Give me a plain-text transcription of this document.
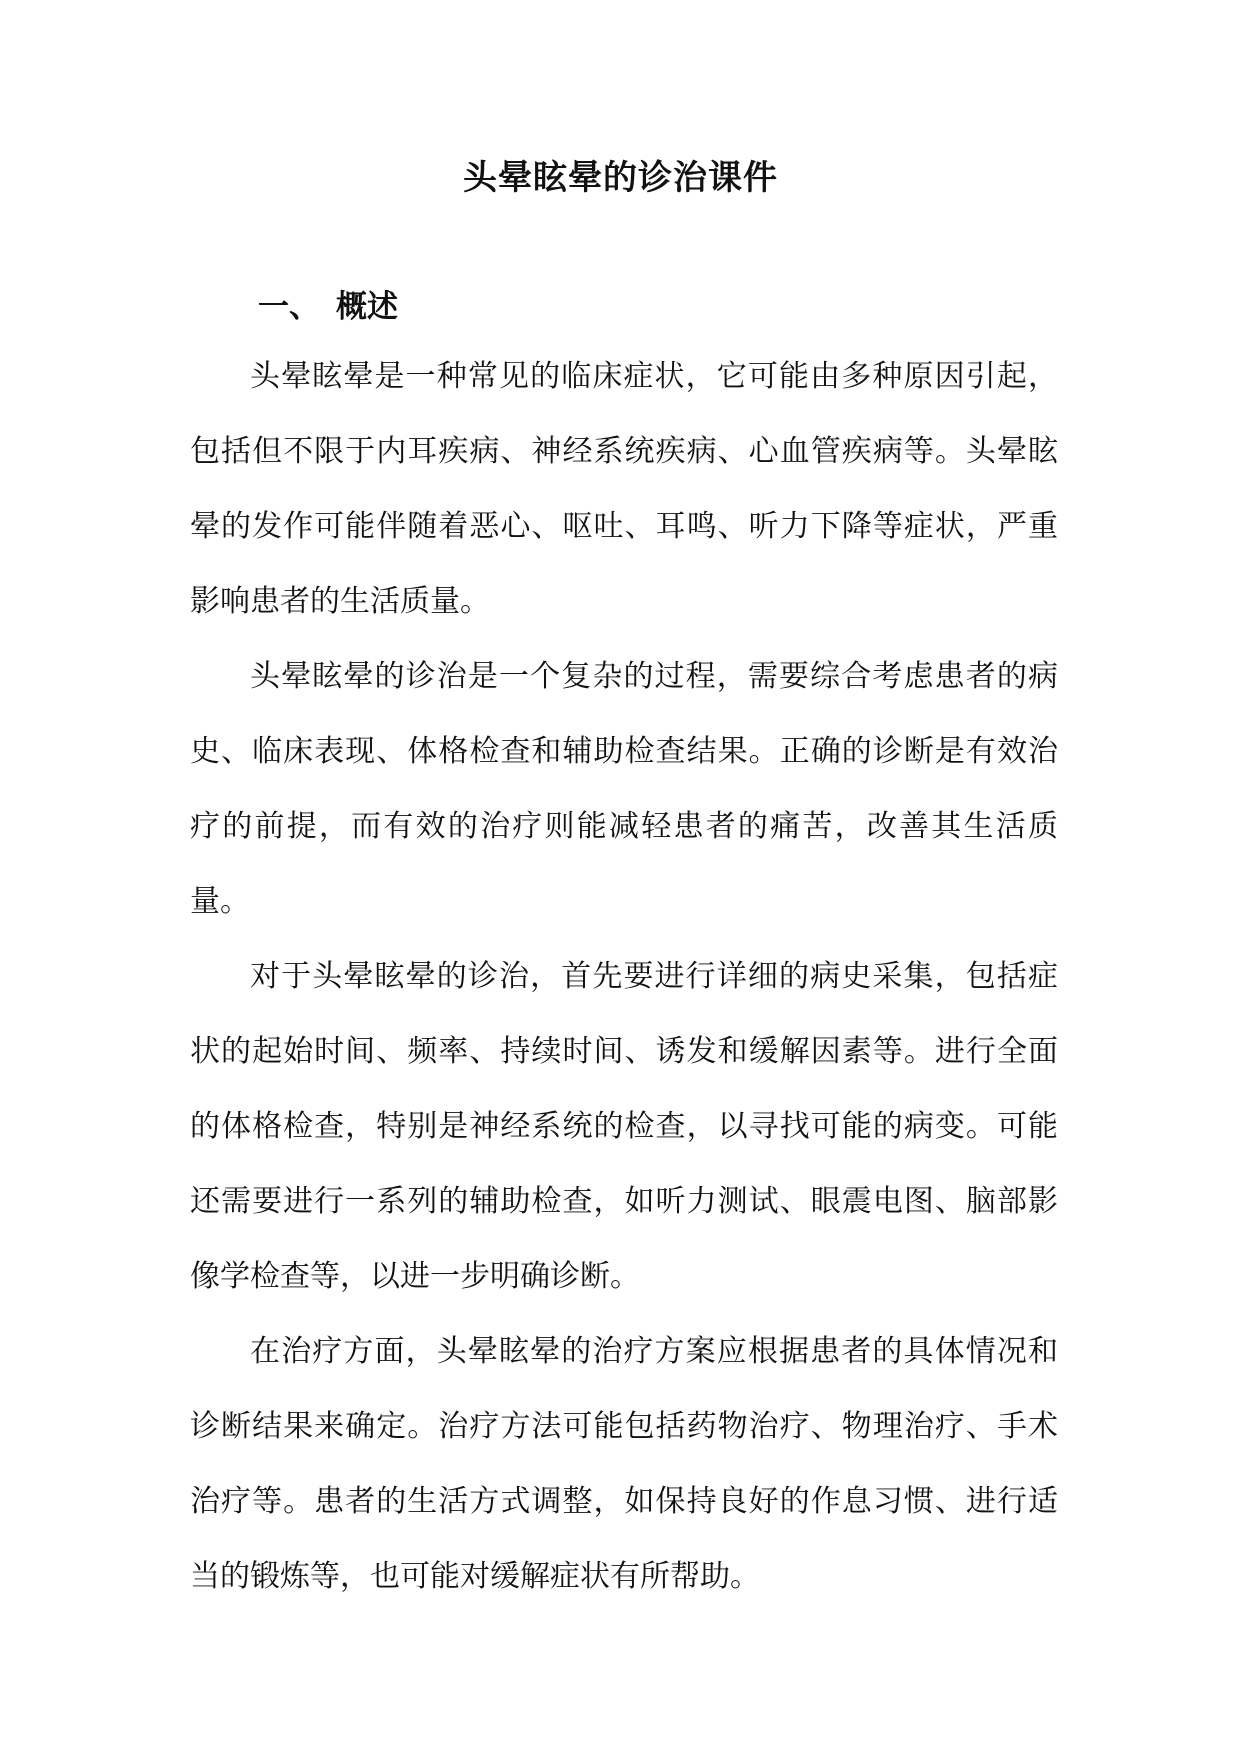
头晕眩晕的诊治课件
一、 概述

头晕眩晕是一种常见的临床症状，它可能由多种原因引起，包括但不限于内耳疾病、神经系统疾病、心血管疾病等。头晕眩晕的发作可能伴随着恶心、呕吐、耳鸣、听力下降等症状，严重影响患者的生活质量。

头晕眩晕的诊治是一个复杂的过程，需要综合考虑患者的病史、临床表现、体格检查和辅助检查结果。正确的诊断是有效治疗的前提，而有效的治疗则能减轻患者的痛苦，改善其生活质量。

对于头晕眩晕的诊治，首先要进行详细的病史采集，包括症状的起始时间、频率、持续时间、诱发和缓解因素等。进行全面的体格检查，特别是神经系统的检查，以寻找可能的病变。可能还需要进行一系列的辅助检查，如听力测试、眼震电图、脑部影像学检查等，以进一步明确诊断。

在治疗方面，头晕眩晕的治疗方案应根据患者的具体情况和诊断结果来确定。治疗方法可能包括药物治疗、物理治疗、手术治疗等。患者的生活方式调整，如保持良好的作息习惯、进行适当的锻炼等，也可能对缓解症状有所帮助。
